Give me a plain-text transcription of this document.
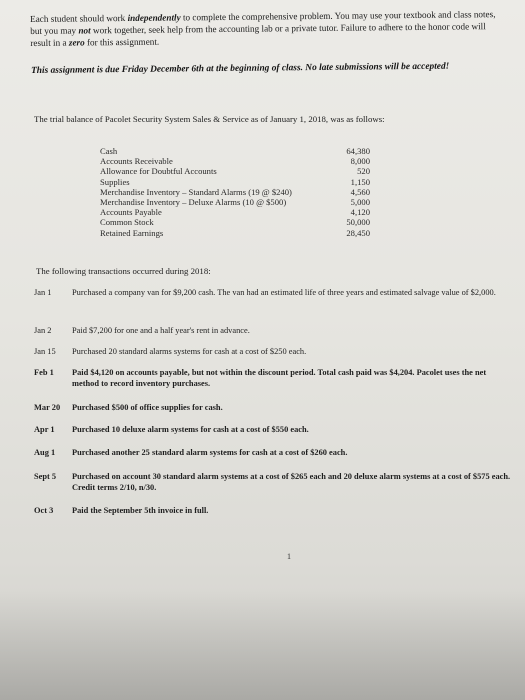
Each student should work independently to complete the comprehensive problem. You may use your textbook and class notes, but you may not work together, seek help from the accounting lab or a private tutor. Failure to adhere to the honor code will result in a zero for this assignment.
This assignment is due Friday December 6th at the beginning of class. No late submissions will be accepted!
The trial balance of Pacolet Security System Sales & Service as of January 1, 2018, was as follows:
Cash	64,380
Accounts Receivable	8,000
Allowance for Doubtful Accounts	520
Supplies	1,150
Merchandise Inventory – Standard Alarms (19 @ $240)	4,560
Merchandise Inventory – Deluxe Alarms (10 @ $500)	5,000
Accounts Payable	4,120
Common Stock	50,000
Retained Earnings	28,450
The following transactions occurred during 2018:
Jan 1	Purchased a company van for $9,200 cash. The van had an estimated life of three years and estimated salvage value of $2,000.
Jan 2	Paid $7,200 for one and a half year's rent in advance.
Jan 15	Purchased 20 standard alarms systems for cash at a cost of $250 each.
Feb 1	Paid $4,120 on accounts payable, but not within the discount period. Total cash paid was $4,204. Pacolet uses the net method to record inventory purchases.
Mar 20	Purchased $500 of office supplies for cash.
Apr 1	Purchased 10 deluxe alarm systems for cash at a cost of $550 each.
Aug 1	Purchased another 25 standard alarm systems for cash at a cost of $260 each.
Sept 5	Purchased on account 30 standard alarm systems at a cost of $265 each and 20 deluxe alarm systems at a cost of $575 each. Credit terms 2/10, n/30.
Oct 3	Paid the September 5th invoice in full.
1
